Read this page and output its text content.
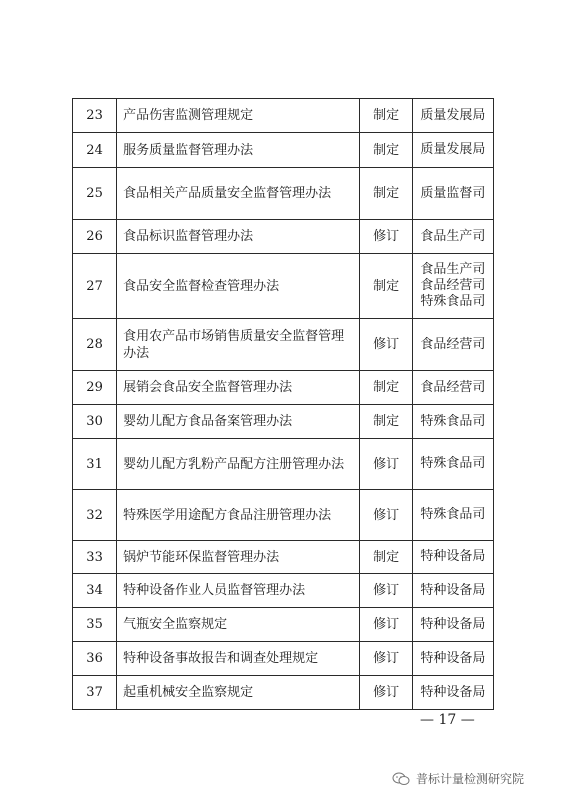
23	产品伤害监测管理规定	制定	质量发展局

24	服务质量监督管理办法	制定	质量发展局

25	食品相关产品质量安全监督管理办法	制定	质量监督司

26	食品标识监督管理办法	修订	食品生产司

27	食品安全监督检查管理办法	制定	食品生产司
食品经营司
特殊食品司

28	食用农产品市场销售质量安全监督管理办法	修订	食品经营司

29	展销会食品安全监督管理办法	制定	食品经营司

30	婴幼儿配方食品备案管理办法	制定	特殊食品司

31	婴幼儿配方乳粉产品配方注册管理办法	修订	特殊食品司

32	特殊医学用途配方食品注册管理办法	修订	特殊食品司

33	锅炉节能环保监督管理办法	制定	特种设备局

34	特种设备作业人员监督管理办法	修订	特种设备局

35	气瓶安全监察规定	修订	特种设备局

36	特种设备事故报告和调查处理规定	修订	特种设备局

37	起重机械安全监察规定	修订	特种设备局
— 17 —
普标计量检测研究院
